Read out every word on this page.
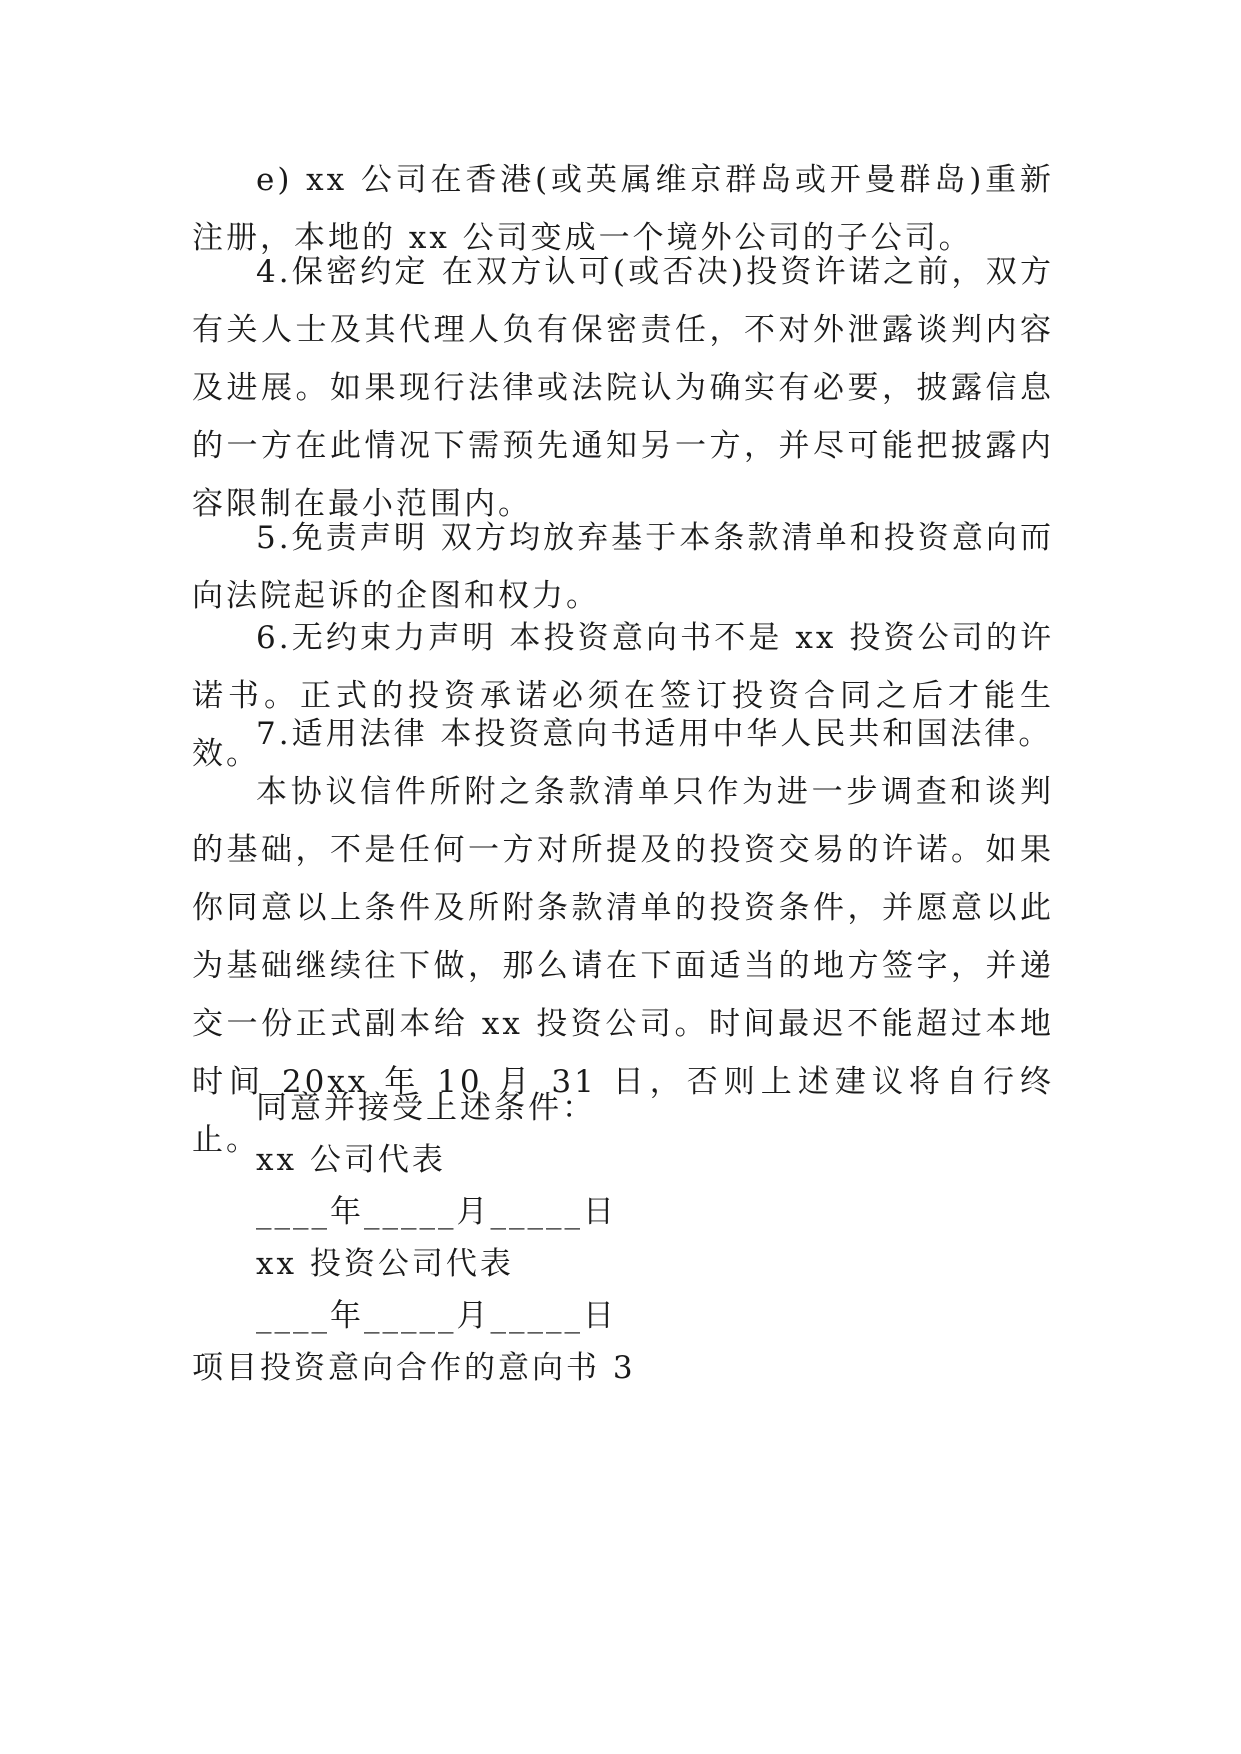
e) xx 公司在香港(或英属维京群岛或开曼群岛)重新注册，本地的 xx 公司变成一个境外公司的子公司。

4.保密约定 在双方认可(或否决)投资许诺之前，双方有关人士及其代理人负有保密责任，不对外泄露谈判内容及进展。如果现行法律或法院认为确实有必要，披露信息的一方在此情况下需预先通知另一方，并尽可能把披露内容限制在最小范围内。

5.免责声明 双方均放弃基于本条款清单和投资意向而向法院起诉的企图和权力。

6.无约束力声明 本投资意向书不是 xx 投资公司的许诺书。正式的投资承诺必须在签订投资合同之后才能生效。

7.适用法律 本投资意向书适用中华人民共和国法律。

本协议信件所附之条款清单只作为进一步调查和谈判的基础，不是任何一方对所提及的投资交易的许诺。如果你同意以上条件及所附条款清单的投资条件，并愿意以此为基础继续往下做，那么请在下面适当的地方签字，并递交一份正式副本给 xx 投资公司。时间最迟不能超过本地时间 20xx 年 10 月 31 日，否则上述建议将自行终止。

同意并接受上述条件：

xx 公司代表

____年_____月_____日

xx 投资公司代表

____年_____月_____日

项目投资意向合作的意向书 3
